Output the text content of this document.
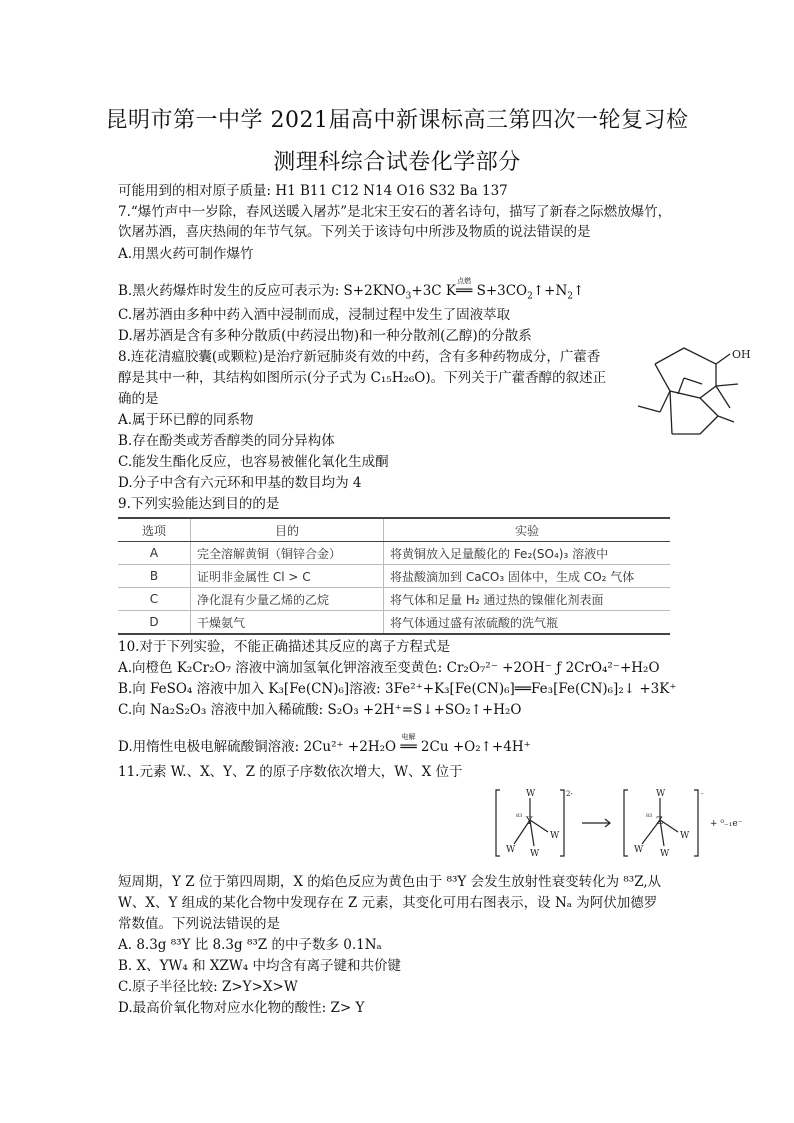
昆明市第一中学 2021届高中新课标高三第四次一轮复习检
测理科综合试卷化学部分
可能用到的相对原子质量: H1 B11 C12 N14 O16 S32 Ba 137
7.“爆竹声中一岁除，春风送暖入屠苏”是北宋王安石的著名诗句，描写了新春之际燃放爆竹，
饮屠苏酒，喜庆热闹的年节气氛。下列关于该诗句中所涉及物质的说法错误的是
A.用黑火药可制作爆竹
B.黑火药爆炸时发生的反应可表示为: $S+2KNO_3+3C$ K
点燃
══ $S+3CO_2↑+N_2↑$
C.屠苏酒由多种中药入酒中浸制而成，浸制过程中发生了固液萃取
D.屠苏酒是含有多种分散质(中药浸出物)和一种分散剂(乙醇)的分散系
8.连花清瘟胶囊(或颗粒)是治疗新冠肺炎有效的中药，含有多种药物成分，广藿香
醇是其中一种，其结构如图所示(分子式为 C₁₅H₂₆O)。下列关于广藿香醇的叙述正
确的是
A.属于环已醇的同系物
B.存在酚类或芳香醇类的同分异构体
C.能发生酯化反应，也容易被催化氧化生成酮
D.分子中含有六元环和甲基的数目均为 4
OH
9.下列实验能达到目的的是
选项	目的	实验
A	完全溶解黄铜（铜锌合金）	将黄铜放入足量酸化的 Fe₂(SO₄)₃ 溶液中
B	证明非金属性 Cl > C	将盐酸滴加到 CaCO₃ 固体中，生成 CO₂ 气体
C	净化混有少量乙烯的乙烷	将气体和足量 H₂ 通过热的镍催化剂表面
D	干燥氨气	将气体通过盛有浓硫酸的洗气瓶
10.对于下列实验，不能正确描述其反应的离子方程式是
A.向橙色 K₂Cr₂O₇ 溶液中滴加氢氧化钾溶液至变黄色: Cr₂O₇²⁻ +2OH⁻ ƒ 2CrO₄²⁻+H₂O
B.向 FeSO₄ 溶液中加入 K₃[Fe(CN)₆]溶液: 3Fe²⁺+K₃[Fe(CN)₆]══Fe₃[Fe(CN)₆]₂↓ +3K⁺
C.向 Na₂S₂O₃ 溶液中加入稀硫酸: S₂O₃ +2H⁺=S↓+SO₂↑+H₂O
D.用惰性电极电解硫酸铜溶液: 2Cu²⁺ +2H₂O
电解
══ 2Cu +O₂↑+4H⁺
11.元素 W.、X、Y、Z 的原子序数依次增大，W、X 位于
W
Y
83
W
W
W
2-	W
Z
83
W
W
W
-
+ ⁰₋₁e⁻
短周期，Y Z 位于第四周期，X 的焰色反应为黄色由于 ⁸³Y 会发生放射性衰变转化为 ⁸³Z,从
W、X、Y 组成的某化合物中发现存在 Z 元素，其变化可用右图表示，设 Nₐ 为阿伏加德罗
常数值。下列说法错误的是
A. 8.3g ⁸³Y 比 8.3g ⁸³Z 的中子数多 0.1Nₐ
B. X、YW₄ 和 XZW₄ 中均含有离子键和共价键
C.原子半径比较: Z>Y>X>W
D.最高价氧化物对应水化物的酸性: Z> Y
